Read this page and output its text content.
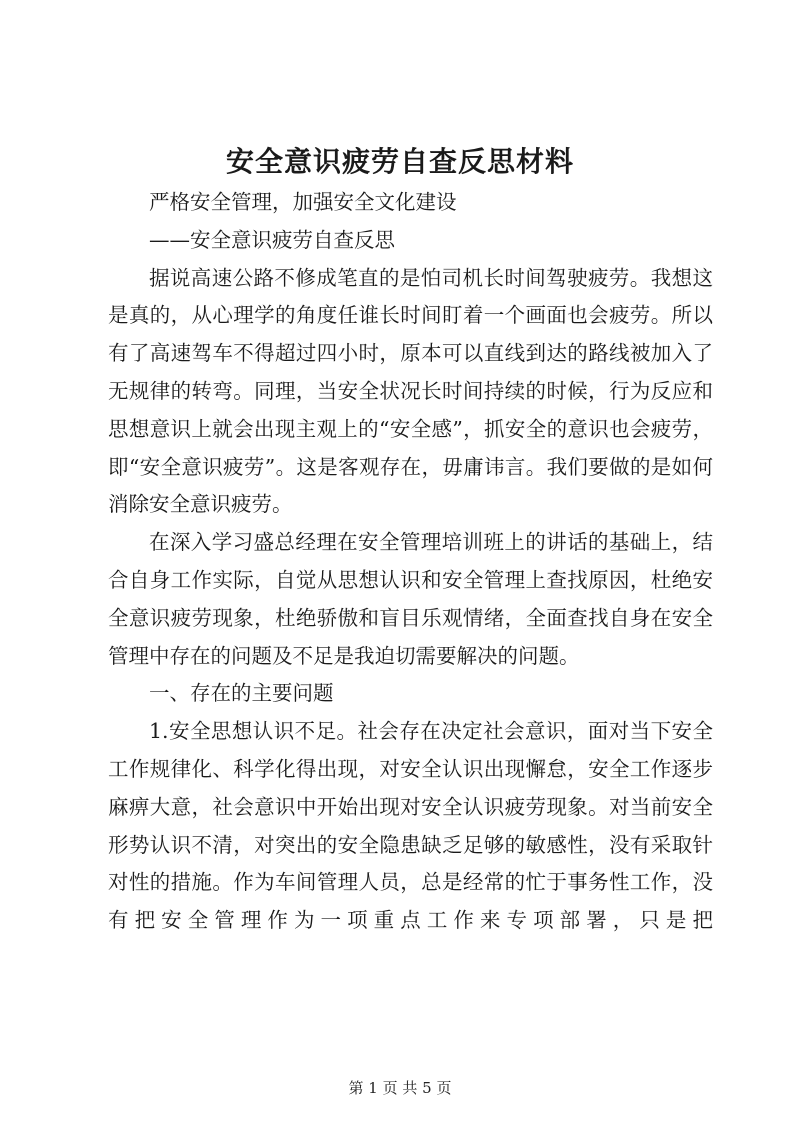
安全意识疲劳自查反思材料

严格安全管理，加强安全文化建设

——安全意识疲劳自查反思

据说高速公路不修成笔直的是怕司机长时间驾驶疲劳。我想这是真的，从心理学的角度任谁长时间盯着一个画面也会疲劳。所以有了高速驾车不得超过四小时，原本可以直线到达的路线被加入了无规律的转弯。同理，当安全状况长时间持续的时候，行为反应和思想意识上就会出现主观上的“安全感”，抓安全的意识也会疲劳，即“安全意识疲劳”。这是客观存在，毋庸讳言。我们要做的是如何消除安全意识疲劳。

在深入学习盛总经理在安全管理培训班上的讲话的基础上，结合自身工作实际，自觉从思想认识和安全管理上查找原因，杜绝安全意识疲劳现象，杜绝骄傲和盲目乐观情绪，全面查找自身在安全管理中存在的问题及不足是我迫切需要解决的问题。

一、存在的主要问题

1.安全思想认识不足。社会存在决定社会意识，面对当下安全工作规律化、科学化得出现，对安全认识出现懈怠，安全工作逐步麻痹大意，社会意识中开始出现对安全认识疲劳现象。对当前安全形势认识不清，对突出的安全隐患缺乏足够的敏感性，没有采取针对性的措施。作为车间管理人员，总是经常的忙于事务性工作，没有把安全管理作为一项重点工作来专项部署，只是把

第 1 页 共 5 页
